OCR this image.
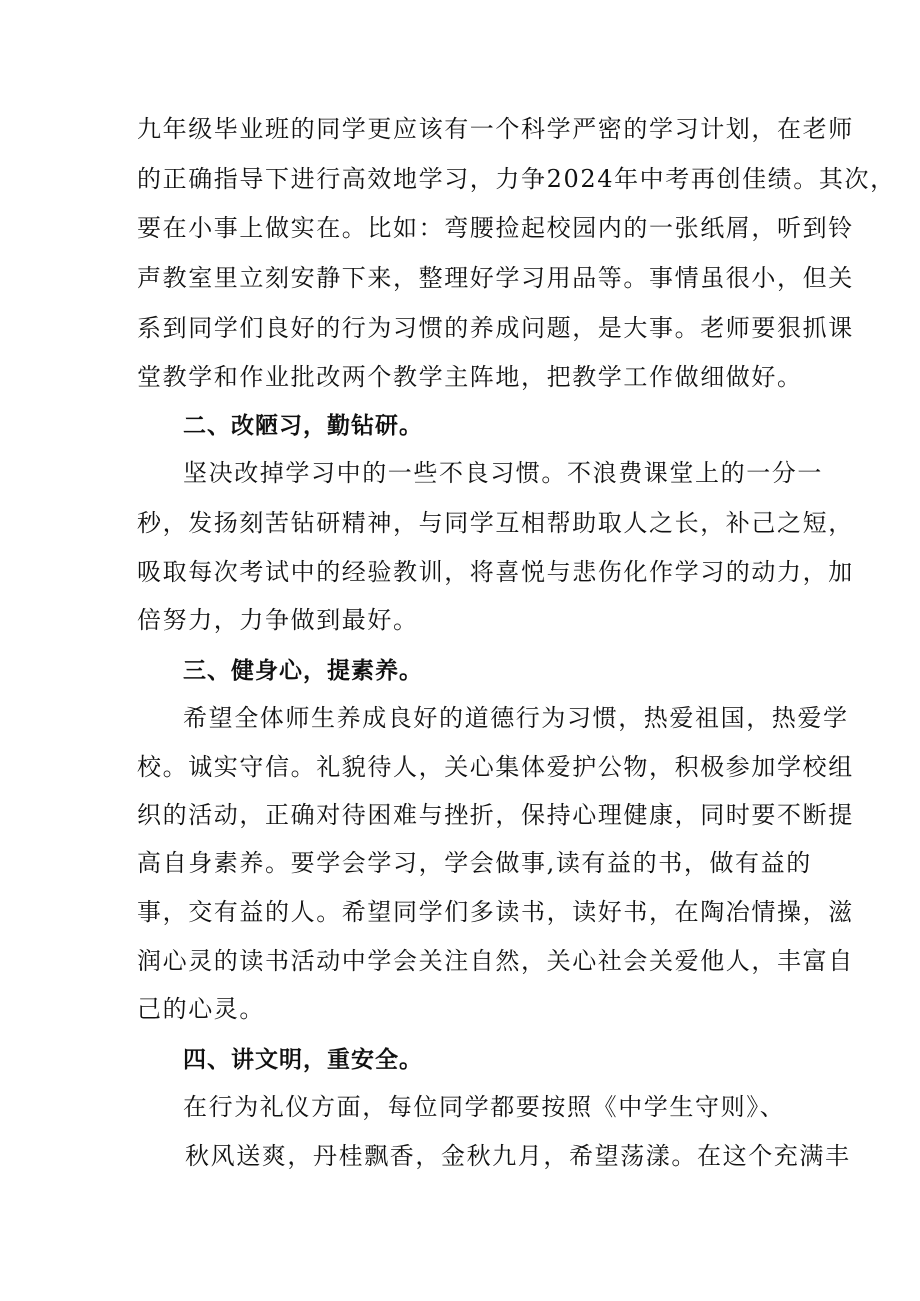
九年级毕业班的同学更应该有一个科学严密的学习计划，在老师
的正确指导下进行高效地学习，力争2024年中考再创佳绩。其次，
要在小事上做实在。比如：弯腰捡起校园内的一张纸屑，听到铃
声教室里立刻安静下来，整理好学习用品等。事情虽很小，但关
系到同学们良好的行为习惯的养成问题，是大事。老师要狠抓课
堂教学和作业批改两个教学主阵地，把教学工作做细做好。
二、改陋习，勤钻研。
坚决改掉学习中的一些不良习惯。不浪费课堂上的一分一
秒，发扬刻苦钻研精神，与同学互相帮助取人之长，补己之短，
吸取每次考试中的经验教训，将喜悦与悲伤化作学习的动力，加
倍努力，力争做到最好。
三、健身心，提素养。
希望全体师生养成良好的道德行为习惯，热爱祖国，热爱学
校。诚实守信。礼貌待人，关心集体爱护公物，积极参加学校组
织的活动，正确对待困难与挫折，保持心理健康，同时要不断提
高自身素养。要学会学习，学会做事,读有益的书，做有益的
事，交有益的人。希望同学们多读书，读好书，在陶冶情操，滋
润心灵的读书活动中学会关注自然，关心社会关爱他人，丰富自
己的心灵。
四、讲文明，重安全。
在行为礼仪方面，每位同学都要按照《中学生守则》、
秋风送爽，丹桂飘香，金秋九月，希望荡漾。在这个充满丰
